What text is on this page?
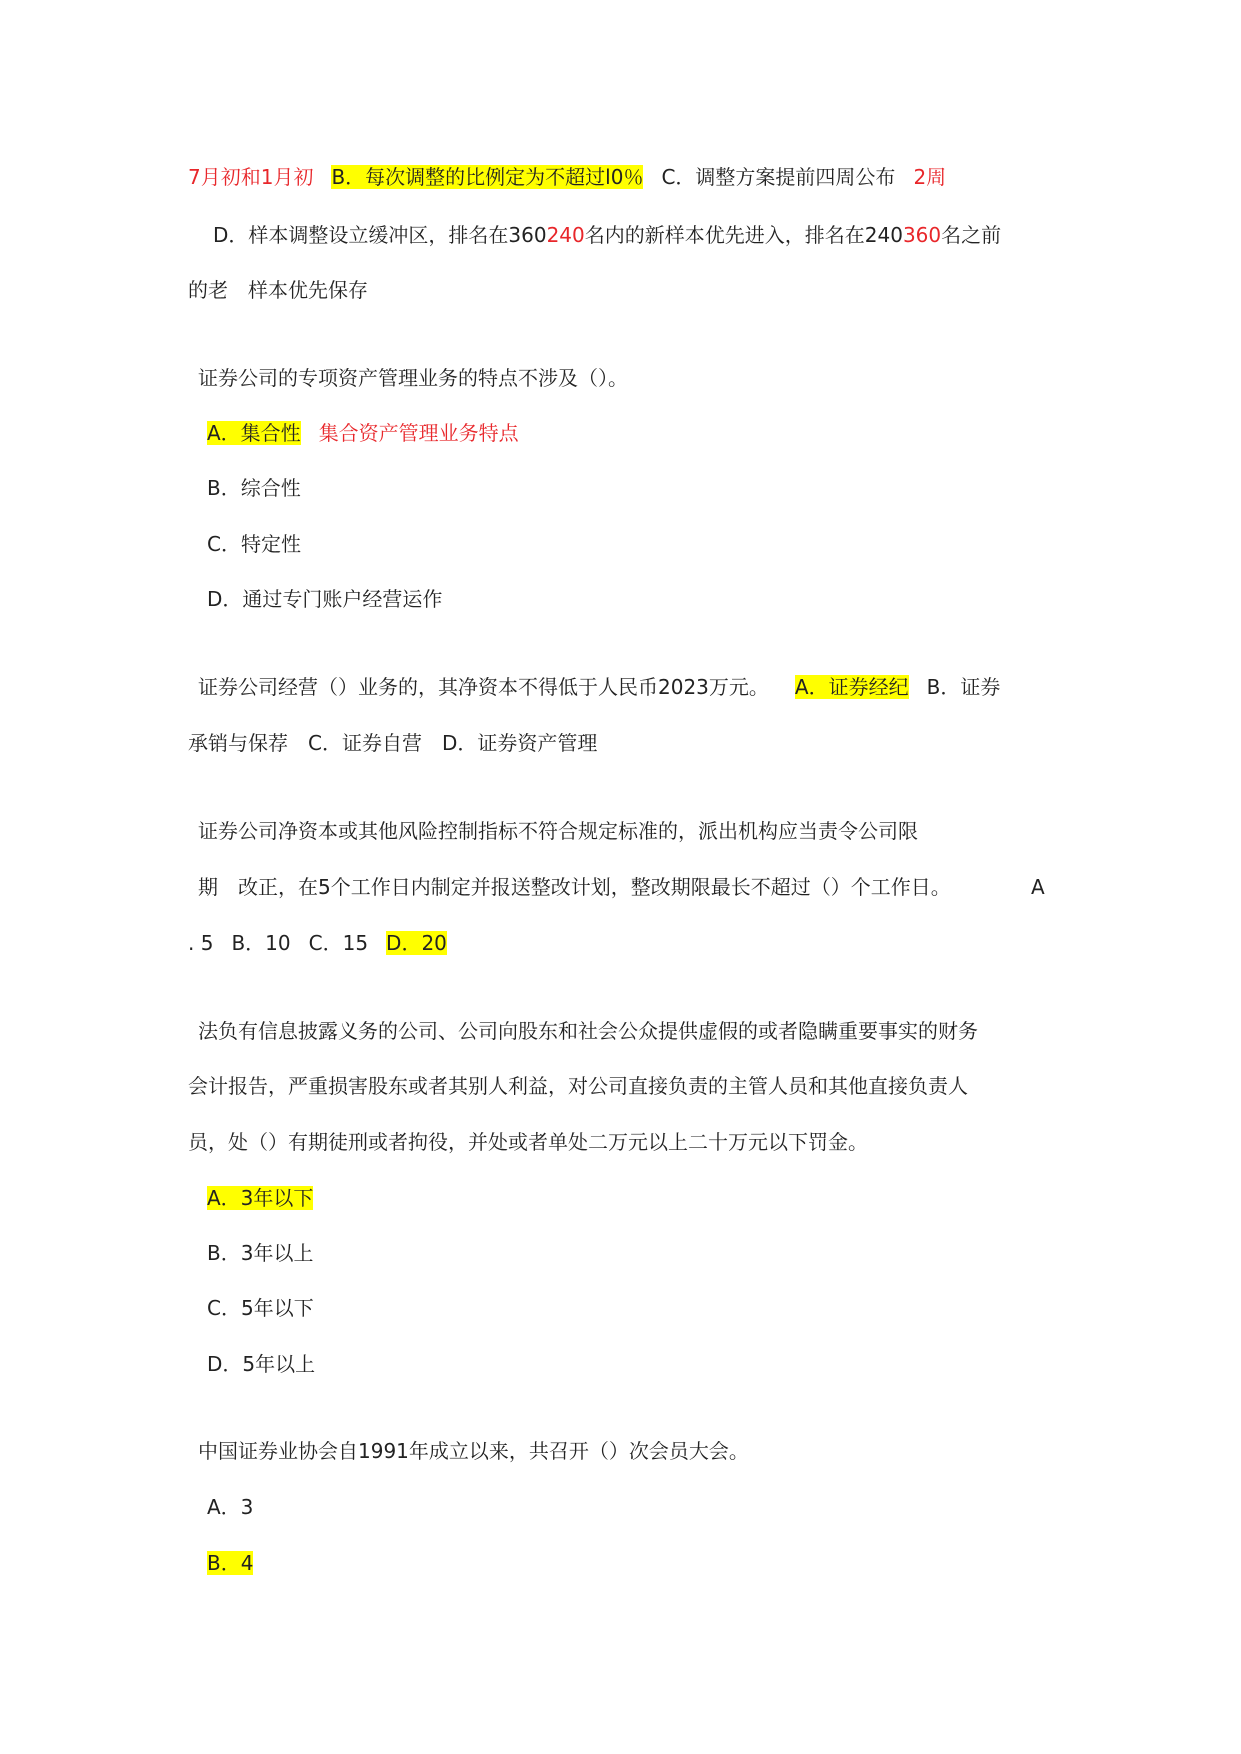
7月初和1月初 B．每次调整的比例定为不超过l0％ C．调整方案提前四周公布 2周
D．样本调整设立缓冲区，排名在360240名内的新样本优先进入，排名在240360名之前
的老　样本优先保存
证券公司的专项资产管理业务的特点不涉及（）。
A．集合性 集合资产管理业务特点
B．综合性
C．特定性
D．通过专门账户经营运作
证券公司经营（）业务的，其净资本不得低于人民币2023万元。 A．证券经纪 B．证券
承销与保荐　C．证券自营　D．证券资产管理
证券公司净资本或其他风险控制指标不符合规定标准的，派出机构应当责令公司限
期　改正，在5个工作日内制定并报送整改计划，整改期限最长不超过（）个工作日。	A
. 5 B．10 C．15 D．20
法负有信息披露义务的公司、公司向股东和社会公众提供虚假的或者隐瞒重要事实的财务
会计报告，严重损害股东或者其别人利益，对公司直接负责的主管人员和其他直接负责人
员，处（）有期徒刑或者拘役，并处或者单处二万元以上二十万元以下罚金。
A．3年以下
B．3年以上
C．5年以下
D．5年以上
中国证券业协会自1991年成立以来，共召开（）次会员大会。
A．3
B．4
